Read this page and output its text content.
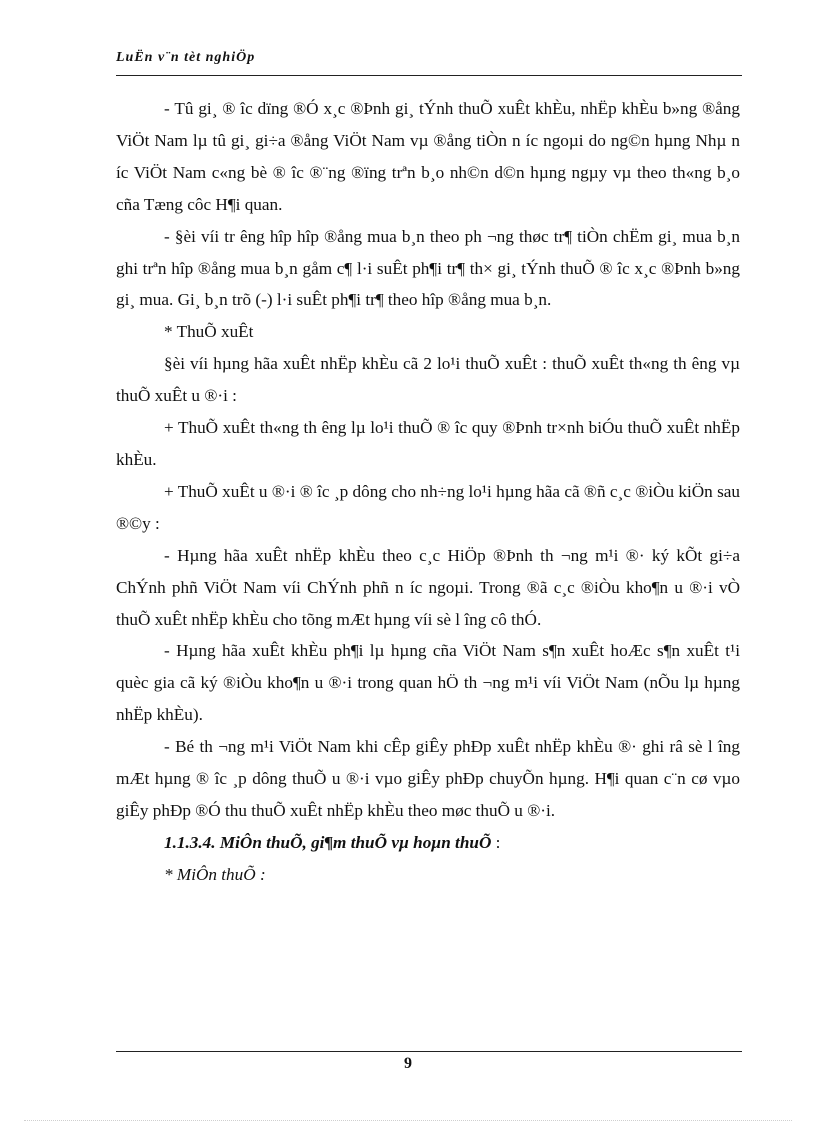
LuËn v¨n tèt nghiÖp

- Tû gi¸ ® îc dïng ®Ó x¸c ®Þnh gi¸ tÝnh thuÕ xuÊt khÈu, nhËp khÈu b»ng ®ång ViÖt Nam lµ tû gi¸ gi÷a ®ång ViÖt Nam vµ ®ång tiÒn n íc ngoµi do ng©n hµng Nhµ n íc ViÖt Nam c«ng bè ® îc ®¨ng ®ïng trªn b¸o nh©n d©n hµng ngµy vµ theo th«ng b¸o cña Tæng côc H¶i quan.

- §èi víi tr êng hîp hîp ®ång mua b¸n theo ph ¬ng thøc tr¶ tiÒn chËm gi¸ mua b¸n ghi trªn hîp ®ång mua b¸n gåm c¶ l·i suÊt ph¶i tr¶ th× gi¸ tÝnh thuÕ ® îc x¸c ®Þnh b»ng gi¸ mua. Gi¸ b¸n trõ (-) l·i suÊt ph¶i tr¶ theo hîp ®ång mua b¸n.

* ThuÕ xuÊt

§èi víi hµng hãa xuÊt nhËp khÈu cã 2 lo¹i thuÕ xuÊt : thuÕ xuÊt th«ng th êng vµ thuÕ xuÊt u ®·i :

+ ThuÕ xuÊt th«ng th êng lµ lo¹i thuÕ ® îc quy ®Þnh tr×nh biÓu thuÕ xuÊt nhËp khÈu.

+ ThuÕ xuÊt u ®·i ® îc ¸p dông cho nh÷ng lo¹i hµng hãa cã ®ñ c¸c ®iÒu kiÖn sau ®©y :

- Hµng hãa xuÊt nhËp khÈu theo c¸c HiÖp ®Þnh th ¬ng m¹i ®· ký kÕt gi÷a ChÝnh phñ ViÖt Nam víi ChÝnh phñ n íc ngoµi. Trong ®ã c¸c ®iÒu kho¶n u ®·i vÒ thuÕ xuÊt nhËp khÈu cho tõng mÆt hµng víi sè l îng cô thÓ.

- Hµng hãa xuÊt khÈu ph¶i lµ hµng cña ViÖt Nam s¶n xuÊt hoÆc s¶n xuÊt t¹i quèc gia cã ký ®iÒu kho¶n u ®·i trong quan hÖ th ¬ng m¹i víi ViÖt Nam (nÕu lµ hµng nhËp khÈu).

- Bé th ¬ng m¹i ViÖt Nam khi cÊp giÊy phÐp xuÊt nhËp khÈu ®· ghi râ sè l îng mÆt hµng ® îc ¸p dông thuÕ u ®·i vµo giÊy phÐp chuyÕn hµng. H¶i quan c¨n cø vµo giÊy phÐp ®Ó thu thuÕ xuÊt nhËp khÈu theo møc thuÕ u ®·i.

1.1.3.4. MiÔn thuÕ, gi¶m thuÕ vµ hoµn thuÕ :

* MiÔn thuÕ :

9
